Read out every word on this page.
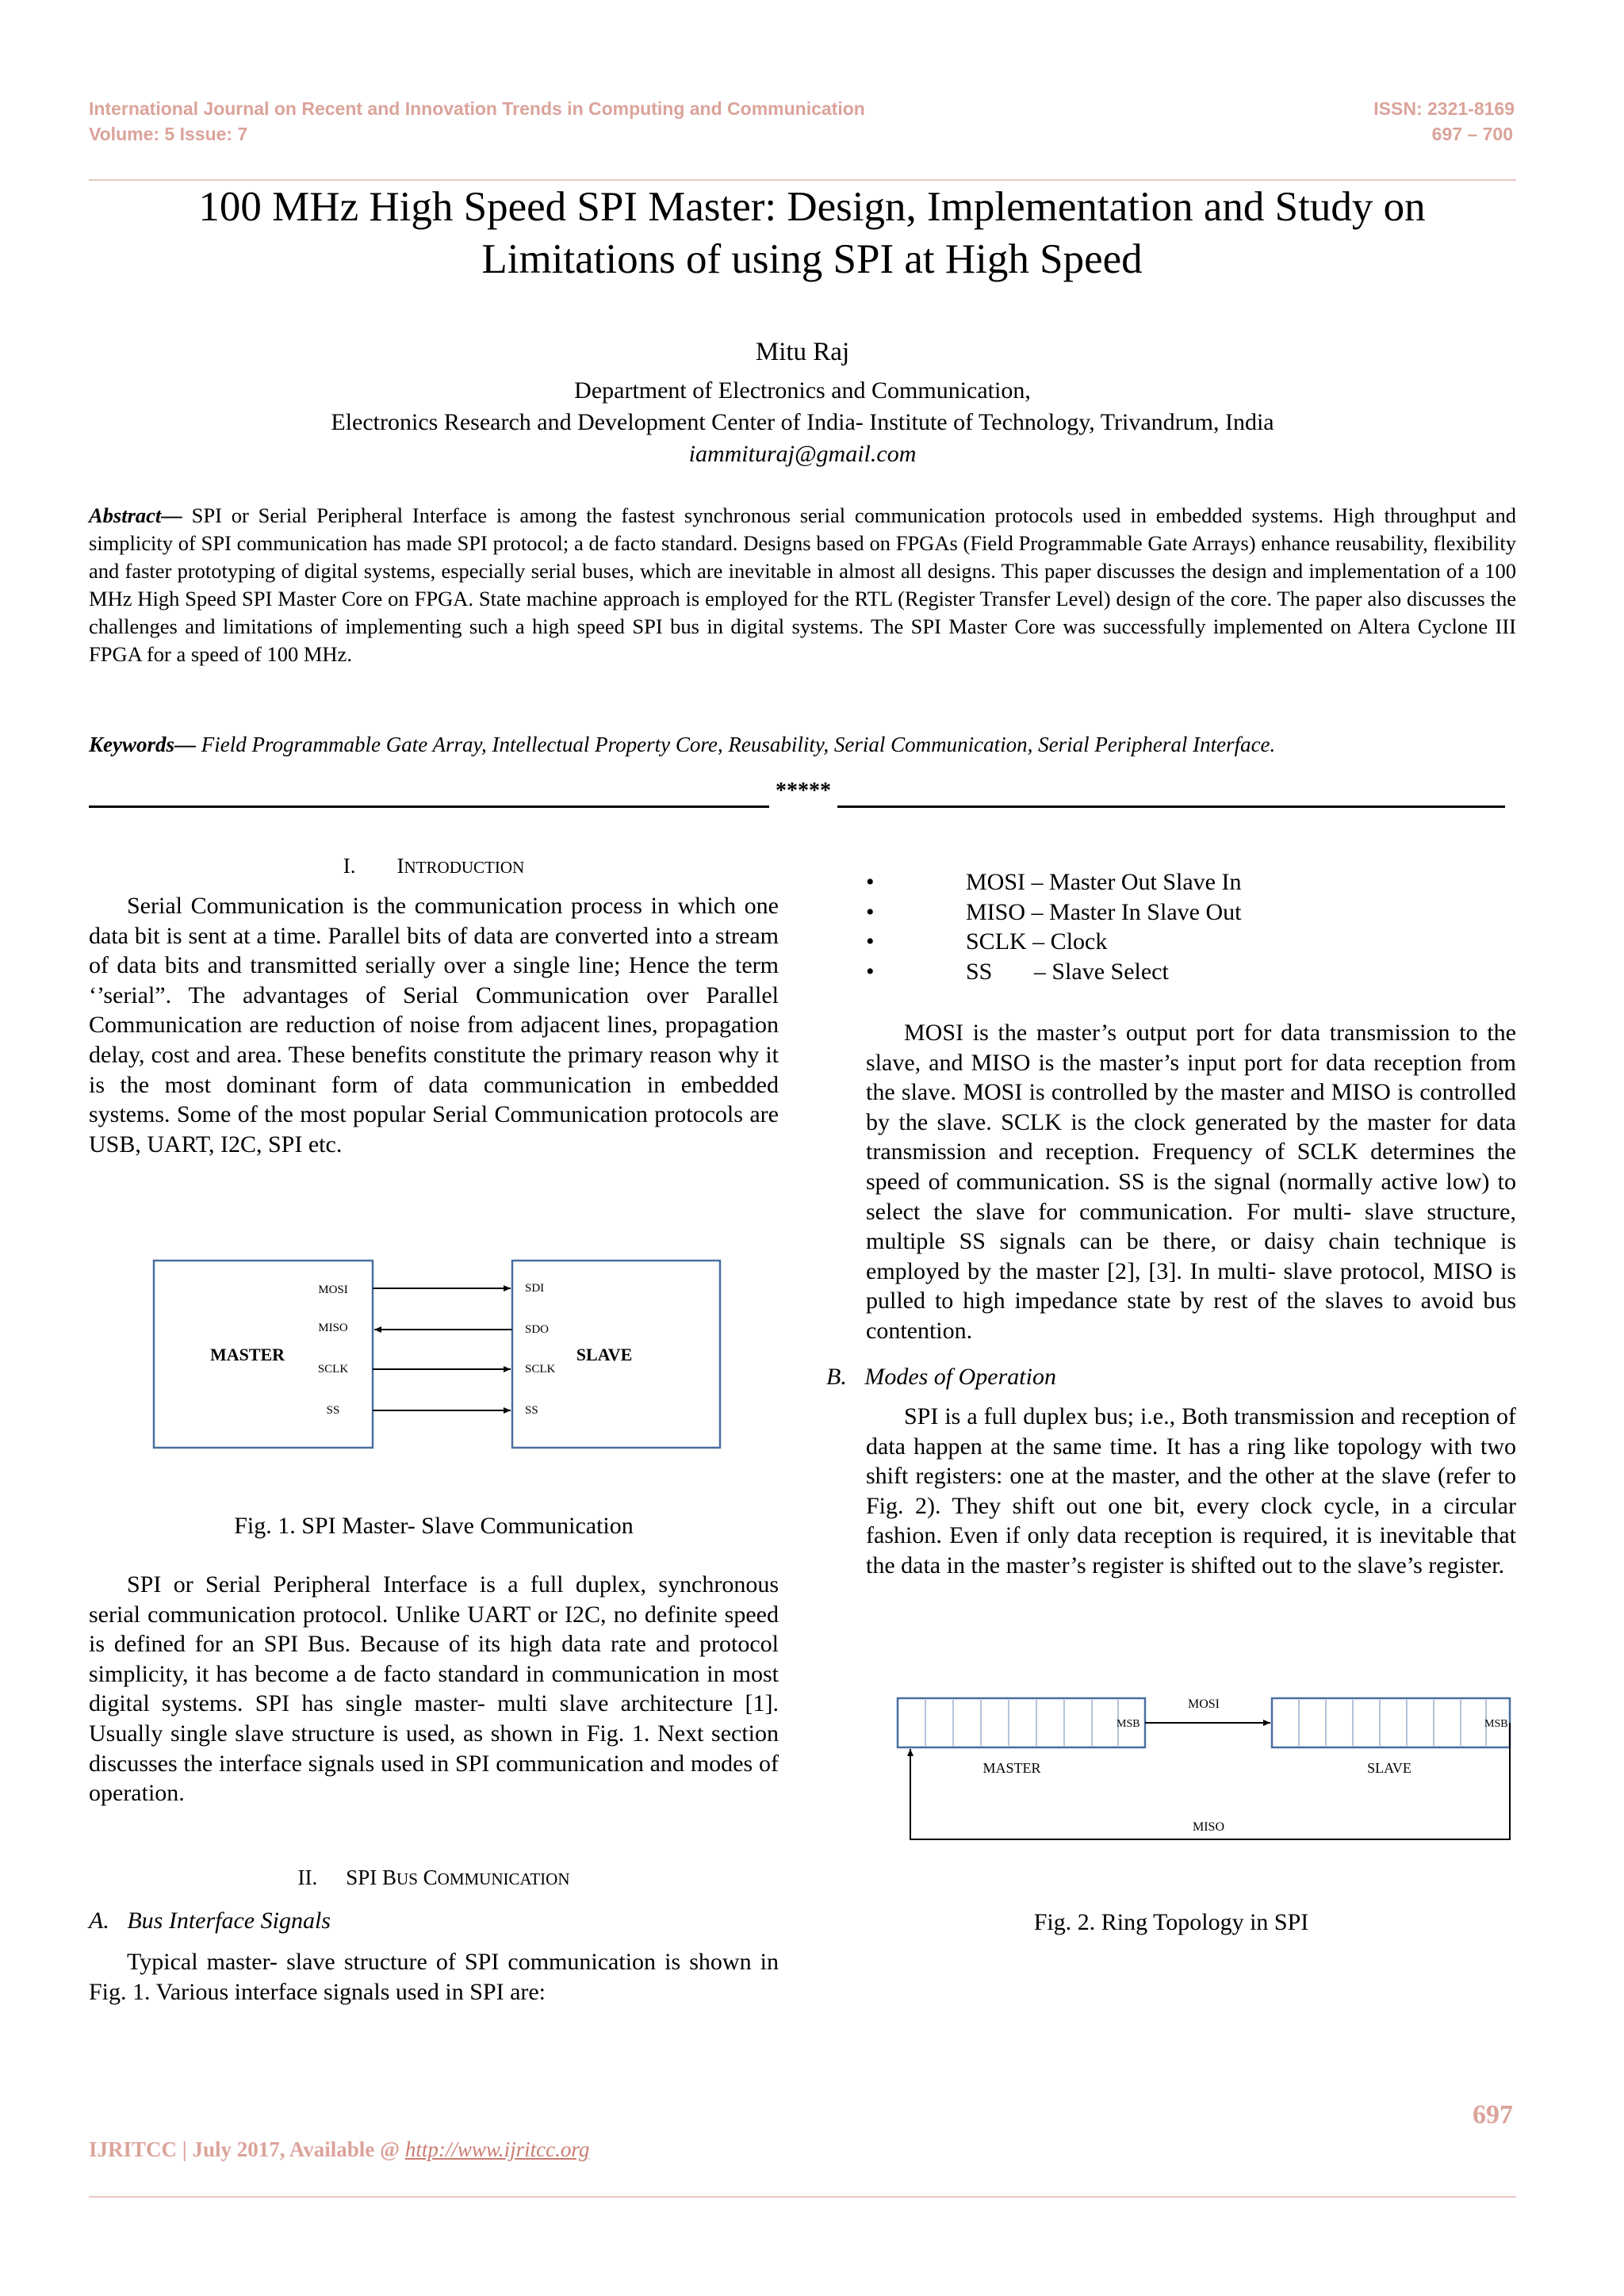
International Journal on Recent and Innovation Trends in Computing and Communication
Volume: 5 Issue: 7
ISSN: 2321-8169
697 – 700
100 MHz High Speed SPI Master: Design, Implementation and Study on
Limitations of using SPI at High Speed
Mitu Raj
Department of Electronics and Communication,
Electronics Research and Development Center of India- Institute of Technology, Trivandrum, India
iammituraj@gmail.com
Abstract— SPI or Serial Peripheral Interface is among the fastest synchronous serial communication protocols used in embedded systems. High throughput and simplicity of SPI communication has made SPI protocol; a de facto standard. Designs based on FPGAs (Field Programmable Gate Arrays) enhance reusability, flexibility and faster prototyping of digital systems, especially serial buses, which are inevitable in almost all designs. This paper discusses the design and implementation of a 100 MHz High Speed SPI Master Core on FPGA. State machine approach is employed for the RTL (Register Transfer Level) design of the core. The paper also discusses the challenges and limitations of implementing such a high speed SPI bus in digital systems. The SPI Master Core was successfully implemented on Altera Cyclone III FPGA for a speed of 100 MHz.
Keywords— Field Programmable Gate Array, Intellectual Property Core, Reusability, Serial Communication, Serial Peripheral Interface.
*****
I. INTRODUCTION
Serial Communication is the communication process in which one data bit is sent at a time. Parallel bits of data are converted into a stream of data bits and transmitted serially over a single line; Hence the term ‘’serial”. The advantages of Serial Communication over Parallel Communication are reduction of noise from adjacent lines, propagation delay, cost and area. These benefits constitute the primary reason why it is the most dominant form of data communication in embedded systems. Some of the most popular Serial Communication protocols are USB, UART, I2C, SPI etc.
MASTER	SLAVE
MOSI
MISO
SCLK
SS
SDI
SDO
SCLK
SS
Fig. 1. SPI Master- Slave Communication
SPI or Serial Peripheral Interface is a full duplex, synchronous serial communication protocol. Unlike UART or I2C, no definite speed is defined for an SPI Bus. Because of its high data rate and protocol simplicity, it has become a de facto standard in communication in most digital systems. SPI has single master- multi slave architecture [1]. Usually single slave structure is used, as shown in Fig. 1. Next section discusses the interface signals used in SPI communication and modes of operation.
II. SPI BUS COMMUNICATION
A.   Bus Interface Signals
Typical master- slave structure of SPI communication is shown in Fig. 1. Various interface signals used in SPI are:
•	MOSI – Master Out Slave In
•	MISO – Master In Slave Out
•	SCLK – Clock
•	SS       – Slave Select
MOSI is the master’s output port for data transmission to the slave, and MISO is the master’s input port for data reception from the slave. MOSI is controlled by the master and MISO is controlled by the slave. SCLK is the clock generated by the master for data transmission and reception. Frequency of SCLK determines the speed of communication. SS is the signal (normally active low) to select the slave for communication. For multi- slave structure, multiple SS signals can be there, or daisy chain technique is employed by the master [2], [3]. In multi- slave protocol, MISO is pulled to high impedance state by rest of the slaves to avoid bus contention.
B.   Modes of Operation
SPI is a full duplex bus; i.e., Both transmission and reception of data happen at the same time. It has a ring like topology with two shift registers: one at the master, and the other at the slave (refer to Fig. 2). They shift out one bit, every clock cycle, in a circular fashion. Even if only data reception is required, it is inevitable that the data in the master’s register is shifted out to the slave’s register.
MSB	MSB
MOSI
MASTER	SLAVE
MISO
Fig. 2. Ring Topology in SPI
697
IJRITCC | July 2017, Available @ http://www.ijritcc.org
